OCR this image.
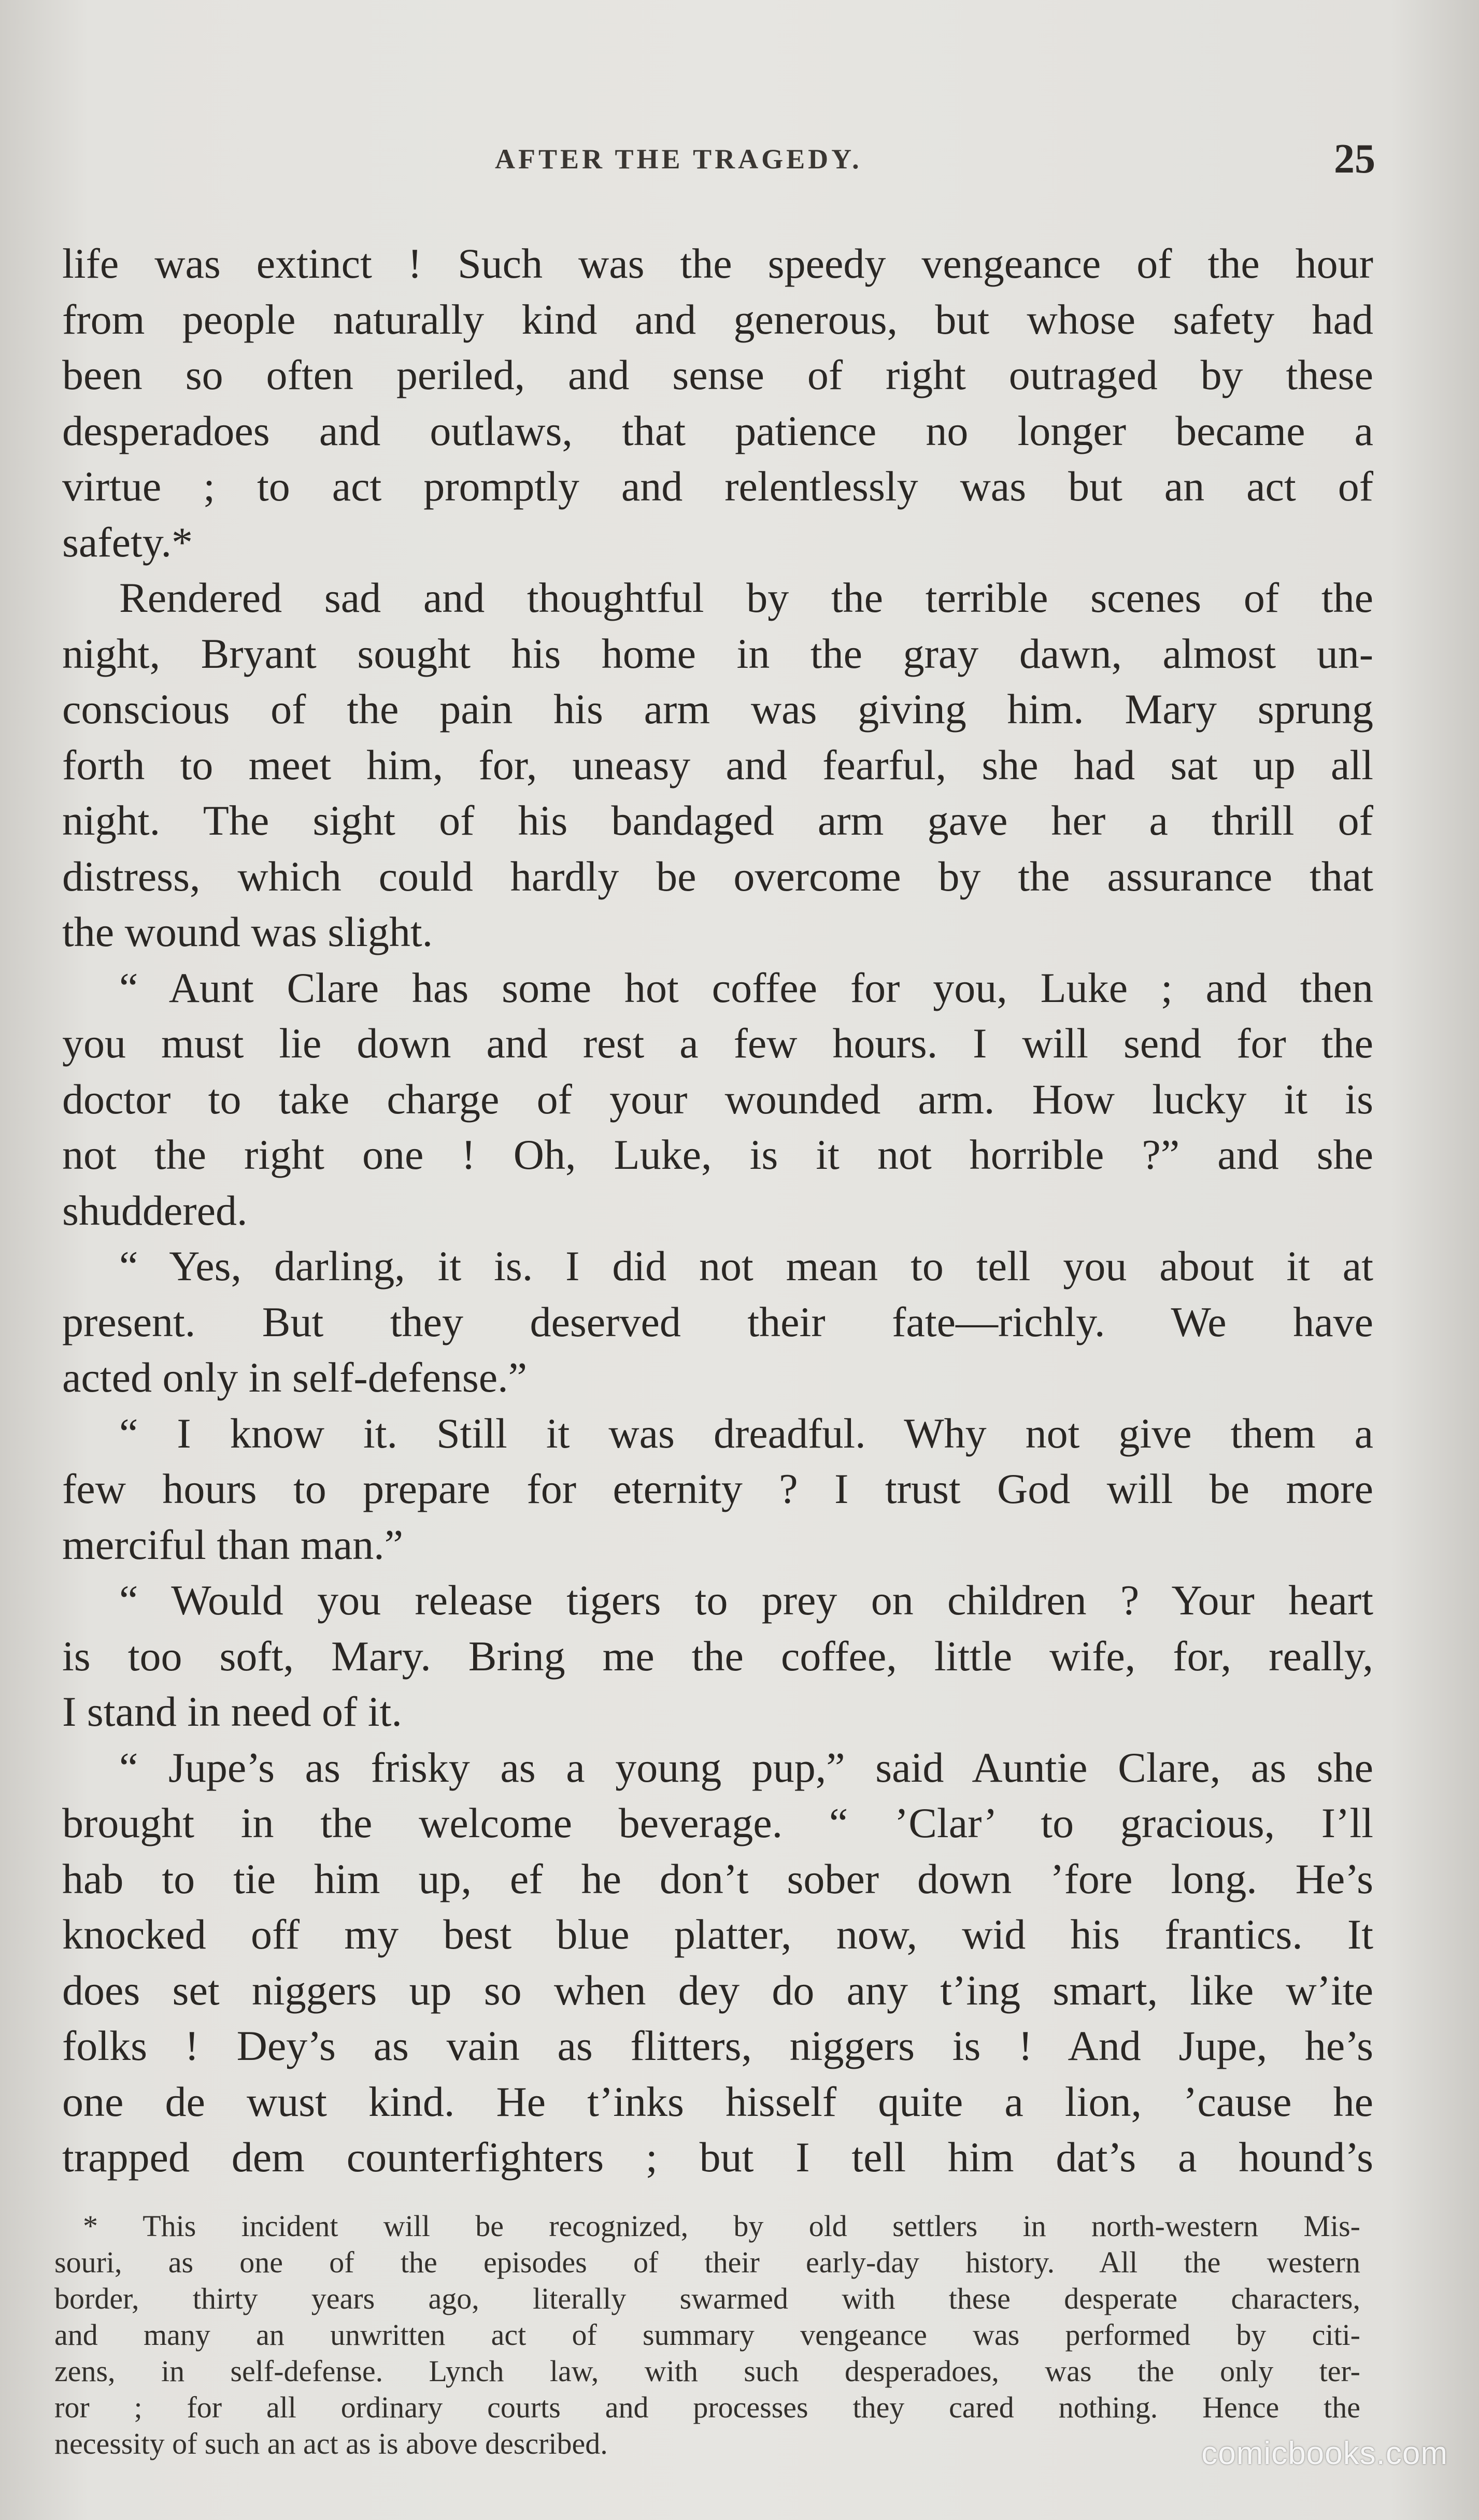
AFTER THE TRAGEDY.	25
life was extinct ! Such was the speedy vengeance of the hour
from people naturally kind and generous, but whose safety had
been so often periled, and sense of right outraged by these
desperadoes and outlaws, that patience no longer became a
virtue ; to act promptly and relentlessly was but an act of
safety.*
Rendered sad and thoughtful by the terrible scenes of the
night, Bryant sought his home in the gray dawn, almost un-
conscious of the pain his arm was giving him. Mary sprung
forth to meet him, for, uneasy and fearful, she had sat up all
night. The sight of his bandaged arm gave her a thrill of
distress, which could hardly be overcome by the assurance that
the wound was slight.
“ Aunt Clare has some hot coffee for you, Luke ; and then
you must lie down and rest a few hours. I will send for the
doctor to take charge of your wounded arm. How lucky it is
not the right one ! Oh, Luke, is it not horrible ?” and she
shuddered.
“ Yes, darling, it is. I did not mean to tell you about it at
present. But they deserved their fate—richly. We have
acted only in self-defense.”
“ I know it. Still it was dreadful. Why not give them a
few hours to prepare for eternity ? I trust God will be more
merciful than man.”
“ Would you release tigers to prey on children ? Your heart
is too soft, Mary. Bring me the coffee, little wife, for, really,
I stand in need of it.
“ Jupe’s as frisky as a young pup,” said Auntie Clare, as she
brought in the welcome beverage. “ ’Clar’ to gracious, I’ll
hab to tie him up, ef he don’t sober down ’fore long. He’s
knocked off my best blue platter, now, wid his frantics. It
does set niggers up so when dey do any t’ing smart, like w’ite
folks ! Dey’s as vain as flitters, niggers is ! And Jupe, he’s
one de wust kind. He t’inks hisself quite a lion, ’cause he
trapped dem counterfighters ; but I tell him dat’s a hound’s
* This incident will be recognized, by old settlers in north-western Mis-
souri, as one of the episodes of their early-day history. All the western
border, thirty years ago, literally swarmed with these desperate characters,
and many an unwritten act of summary vengeance was performed by citi-
zens, in self-defense. Lynch law, with such desperadoes, was the only ter-
ror ; for all ordinary courts and processes they cared nothing. Hence the
necessity of such an act as is above described.	comicbooks.com
